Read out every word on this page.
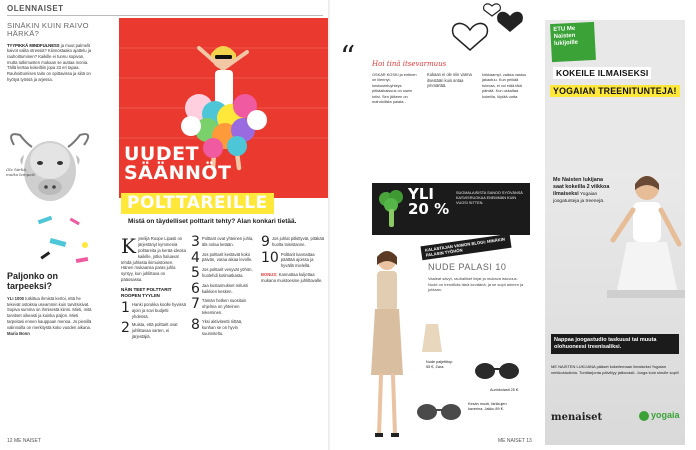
OLENNAISET
SINÄKIN KUIN RAIVO HÄRKÄ?
TYYPIKKÄ MINDFULNESS ja muut palmelit kaivot valita stressiä? Kiinnostaako ajattelu ja rauhoittuminen? Kaikille ei tunnu sopivan, mutta tutkimusten mukaan se auttaa monia. Tällä kertaa kokeiltiin jopa 23 eri tapaa. Rauhoittumisen taito on opittavissa ja siitä on hyötyä työssä ja arjessa.
Ole härkä, mutta lempeä!
Paljonko on tarpeeksi?
YLI 1000 tutkittua ihmistä kertoi, että he tekevät ostoksia useammin kuin tarvitsisivat. Sopiva summa on ihmisestä kiinni. Mieti, mitä tarvitset oikeasti ja kuinka paljon. Mieti tarpeitasi ennen kauppaan menoa. Jo pienillä valinnoilla on merkitystä koko vuoden aikana. Maria Bonn
UUDET
SÄÄNNÖT
POLTTAREILLE
Mistä on täydelliset polttarit tehty? Alan konkari tietää.
K yselijä Roope Lipasti on järjestänyt kymmeniä polttareita ja kerää ideoita kaikille, jotka haluavat tehdä juhlasta ikimuistoisen. Hänen mukaansa paras juhla syntyy, kun juhlittava on pääosassa.
NÄIN TEET POLTTARIT ROOPEN TYYLIIN
1 Hanki porukka koolle hyvissä ajoin ja sovi budjetti yhdessä.
2 Muista, että polttarit ovat juhlittavaa varten, ei järjestäjiä.
3 Polttarit ovat yhteinen juhla, älä nolaa ketään.
4 Jos polttarit kestävät koko päivän, varaa aikaa levolle.
5 Jos polttarit venyvät yöhön, huolehdi kotimatkasta.
6 Jaa kustannukset reilusti kaikkien kesken.
7 Tämän hetken suosituin ohjelma on yhteinen tekeminen.
8 Yksi aktiviteetti riittää, kunhan se on hyvin suunniteltu.
9 Jos juhlat pitkittyvät, pitäkää huolta toisistanne.
10 Polttarit kannattaa päättää ajoissa ja hyvällä mielellä.
BONUS: Kannattaa kuljettaa mukana muistoesine juhlittavalle.
12 ME NAISET
“ Hoi tinä itsevarmuus
OSKAR KOSKI ja entinen on liiennyt, keskusteluyhteys pitkäaikaisuus on usein kriisi. Sen jälkeen on mahdollista palata...
Kukaan ei ole niin varma itsestään kuin antaa ymmärtää.
kirkkaampi, vaikka vastuu jakautuu. Kun pelkää tulevaa, ei voi elää tätä päivää. Kun uskaltaa kokeilla, löytää uutta.
YLI
20 %
SUOMALAISISTA SANOO SYÖVÄNSÄ KASVISRUOKAA ENEMMÄN KUIN VUOSI SITTEN.
KALASTAJAN VAIMON BLOGI: MINÄKIN PALASIN TYÖHÖN
NUDE PALASI 10
Vaaleat sävyt, rauhalliset linjat ja mukava istuvuus. Nude on trendikäs tänä keväänä, ja se sopii arkeen ja juhlaan.
Nude paljettitop 55 €, Zara.
Aurinkolasit 25 €.
Kesän muoti, farkkujen kaverina. Jakku 89 €.
ME NAISET 13
ETU Me Naisten lukijoille
KOKEILE ILMAISEKSI
YOGAIAN TREENITUNTEJA!
Me Naisten lukijana saat kokeilla 2 viikkoa ilmaiseksi Yogaian joogatunteja ja treenejä.
Nappaa joogastudio taskuusi tai muuta olohuoneesi treenisaliksi.
ME NAISTEN LUKIJANA pääset kokeilemaan ilmaiseksi Yogaian verkkostudiota. Tuntitarjonta päivittyy jatkuvasti. Jooga kuin sinulle sopii!
menaiset	yogaia
